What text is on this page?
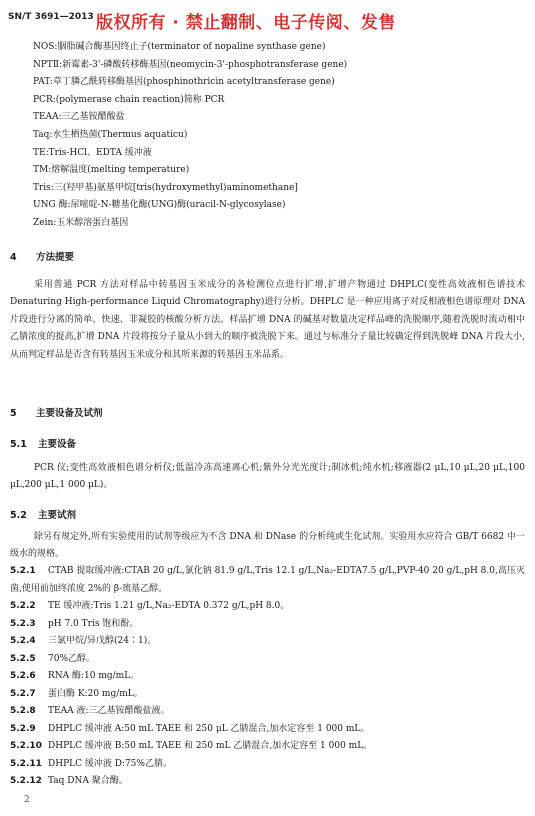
SN/T 3691—2013 版权所有 · 禁止翻制、电子传阅、发售
NOS:胭脂碱合酶基因终止子(terminator of nopaline synthase gene)
NPTⅡ:新霉素-3'-磷酸转移酶基因(neomycin-3'-phosphotransferase gene)
PAT:草丁膦乙酰转移酶基因(phosphinothricin acetyltransferase gene)
PCR:(polymerase chain reaction)简称 PCR
TEAA:三乙基铵醋酸盐
Taq:水生栖热菌(Thermus aquaticu)
TE:Tris-HCl、EDTA 缓冲液
TM:熔解温度(melting temperature)
Tris:三(羟甲基)氨基甲烷[tris(hydroxymethyl)aminomethane]
UNG 酶:尿嘧啶-N-糖基化酶(UNG)酶(uracil-N-glycosylase)
Zein:玉米醇溶蛋白基因
4 方法提要
采用普通 PCR 方法对样品中转基因玉米成分的各检测位点进行扩增,扩增产物通过 DHPLC(变性高效液相色谱技术 Denaturing High-performance Liquid Chromatography)进行分析。DHPLC 是一种应用离子对反相液相色谱原理对 DNA 片段进行分离的简单、快速、非凝胶的核酸分析方法。样品扩增 DNA 的碱基对数量决定样品峰的洗脱顺序,随着洗脱时流动相中乙腈浓度的提高,扩增 DNA 片段将按分子量从小到大的顺序被洗脱下来。通过与标准分子量比较确定得到洗脱峰 DNA 片段大小,从而判定样品是否含有转基因玉米成分和其所来源的转基因玉米品系。
5 主要设备及试剂
5.1 主要设备
PCR 仪;变性高效液相色谱分析仪;低温冷冻高速离心机;紫外分光光度计;制冰机;纯水机;移液器(2 μL,10 μL,20 μL,100 μL,200 μL,1 000 μL)。
5.2 主要试剂
除另有规定外,所有实验使用的试剂等级应为不含 DNA 和 DNase 的分析纯或生化试剂。实验用水应符合 GB/T 6682 中一级水的规格。
5.2.1 CTAB 提取缓冲液:CTAB 20 g/L,氯化钠 81.9 g/L,Tris 12.1 g/L,Na₂-EDTA7.5 g/L,PVP-40 20 g/L,pH 8.0,高压灭菌,使用前加终浓度 2%的 β-巯基乙醇。
5.2.2 TE 缓冲液:Tris 1.21 g/L,Na₂-EDTA 0.372 g/L,pH 8.0。
5.2.3 pH 7.0 Tris 饱和酚。
5.2.4 三氯甲烷/异戊醇(24∶1)。
5.2.5 70%乙醇。
5.2.6 RNA 酶:10 mg/mL。
5.2.7 蛋白酶 K:20 mg/mL。
5.2.8 TEAA 液:三乙基铵醋酸盐液。
5.2.9 DHPLC 缓冲液 A:50 mL TAEE 和 250 μL 乙腈混合,加水定容至 1 000 mL。
5.2.10 DHPLC 缓冲液 B:50 mL TAEE 和 250 mL 乙腈混合,加水定容至 1 000 mL。
5.2.11 DHPLC 缓冲液 D:75%乙腈。
5.2.12 Taq DNA 聚合酶。
2
